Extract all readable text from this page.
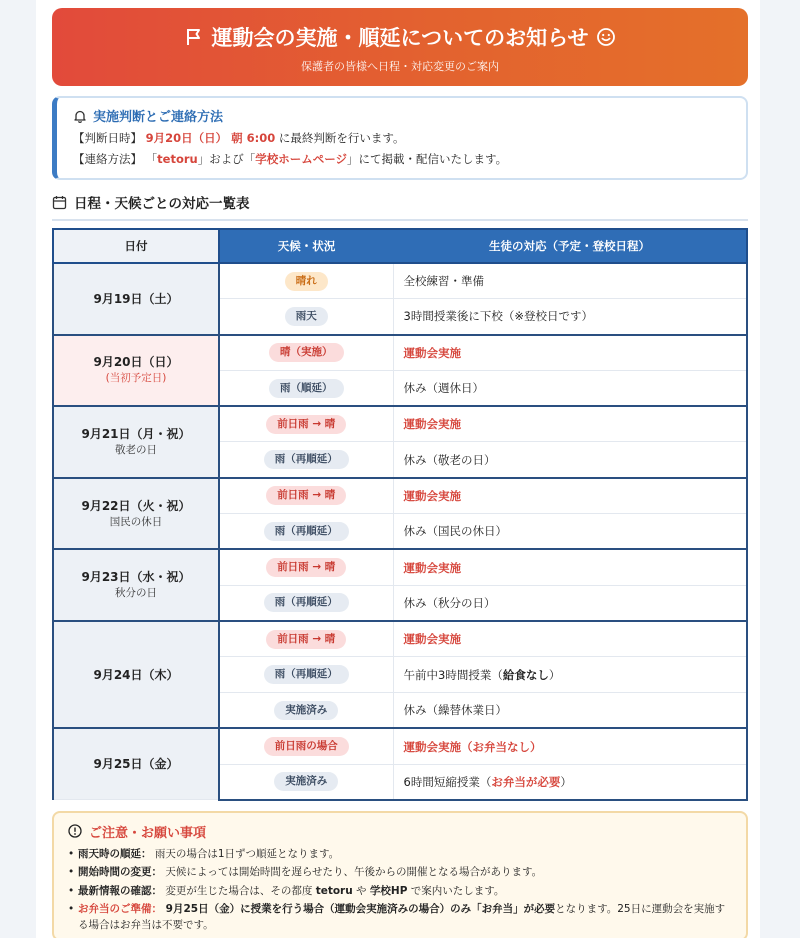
運動会の実施・順延についてのお知らせ
保護者の皆様へ日程・対応変更のご案内
実施判断とご連絡方法
【判断日時】 9月20日（日） 朝 6:00 に最終判断を行います。
【連絡方法】 「tetoru」および「学校ホームページ」にて掲載・配信いたします。
日程・天候ごとの対応一覧表
日付	天候・状況	生徒の対応（予定・登校日程）

9月19日（土）	晴れ	全校練習・準備
	雨天	3時間授業後に下校（※登校日です）

9月20日（日）
(当初予定日)	晴（実施）	運動会実施
	雨（順延）	休み（週休日）

9月21日（月・祝）
敬老の日	前日雨 → 晴	運動会実施
	雨（再順延）	休み（敬老の日）

9月22日（火・祝）
国民の休日	前日雨 → 晴	運動会実施
	雨（再順延）	休み（国民の休日）

9月23日（水・祝）
秋分の日	前日雨 → 晴	運動会実施
	雨（再順延）	休み（秋分の日）

9月24日（木）	前日雨 → 晴	運動会実施
	雨（再順延）	午前中3時間授業（給食なし）
	実施済み	休み（繰替休業日）

9月25日（金）	前日雨の場合	運動会実施（お弁当なし）
	実施済み	6時間短縮授業（お弁当が必要）
ご注意・お願い事項
• 雨天時の順延： 雨天の場合は1日ずつ順延となります。
• 開始時間の変更： 天候によっては開始時間を遅らせたり、午後からの開催となる場合があります。
• 最新情報の確認： 変更が生じた場合は、その都度 tetoru や 学校HP で案内いたします。
• お弁当のご準備： 9月25日（金）に授業を行う場合（運動会実施済みの場合）のみ「お弁当」が必要となります。25日に運動会を実施する場合はお弁当は不要です。
